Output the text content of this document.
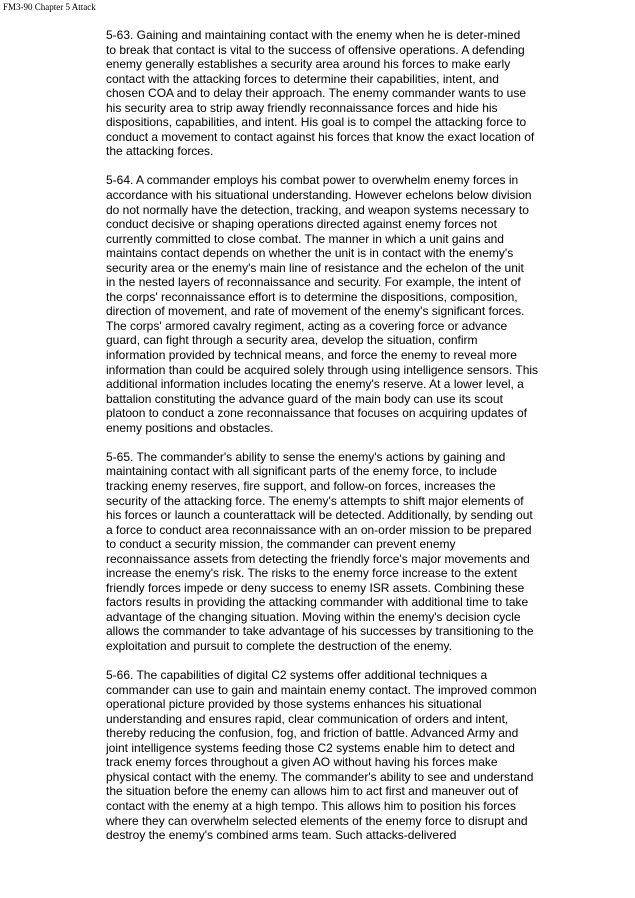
FM3-90 Chapter 5 Attack

5-63. Gaining and maintaining contact with the enemy when he is deter-mined
to break that contact is vital to the success of offensive operations. A defending
enemy generally establishes a security area around his forces to make early
contact with the attacking forces to determine their capabilities, intent, and
chosen COA and to delay their approach. The enemy commander wants to use
his security area to strip away friendly reconnaissance forces and hide his
dispositions, capabilities, and intent. His goal is to compel the attacking force to
conduct a movement to contact against his forces that know the exact location of
the attacking forces.

5-64. A commander employs his combat power to overwhelm enemy forces in
accordance with his situational understanding. However echelons below division
do not normally have the detection, tracking, and weapon systems necessary to
conduct decisive or shaping operations directed against enemy forces not
currently committed to close combat. The manner in which a unit gains and
maintains contact depends on whether the unit is in contact with the enemy's
security area or the enemy's main line of resistance and the echelon of the unit
in the nested layers of reconnaissance and security. For example, the intent of
the corps' reconnaissance effort is to determine the dispositions, composition,
direction of movement, and rate of movement of the enemy's significant forces.
The corps' armored cavalry regiment, acting as a covering force or advance
guard, can fight through a security area, develop the situation, confirm
information provided by technical means, and force the enemy to reveal more
information than could be acquired solely through using intelligence sensors. This
additional information includes locating the enemy's reserve. At a lower level, a
battalion constituting the advance guard of the main body can use its scout
platoon to conduct a zone reconnaissance that focuses on acquiring updates of
enemy positions and obstacles.

5-65. The commander's ability to sense the enemy's actions by gaining and
maintaining contact with all significant parts of the enemy force, to include
tracking enemy reserves, fire support, and follow-on forces, increases the
security of the attacking force. The enemy's attempts to shift major elements of
his forces or launch a counterattack will be detected. Additionally, by sending out
a force to conduct area reconnaissance with an on-order mission to be prepared
to conduct a security mission, the commander can prevent enemy
reconnaissance assets from detecting the friendly force's major movements and
increase the enemy's risk. The risks to the enemy force increase to the extent
friendly forces impede or deny success to enemy ISR assets. Combining these
factors results in providing the attacking commander with additional time to take
advantage of the changing situation. Moving within the enemy's decision cycle
allows the commander to take advantage of his successes by transitioning to the
exploitation and pursuit to complete the destruction of the enemy.

5-66. The capabilities of digital C2 systems offer additional techniques a
commander can use to gain and maintain enemy contact. The improved common
operational picture provided by those systems enhances his situational
understanding and ensures rapid, clear communication of orders and intent,
thereby reducing the confusion, fog, and friction of battle. Advanced Army and
joint intelligence systems feeding those C2 systems enable him to detect and
track enemy forces throughout a given AO without having his forces make
physical contact with the enemy. The commander's ability to see and understand
the situation before the enemy can allows him to act first and maneuver out of
contact with the enemy at a high tempo. This allows him to position his forces
where they can overwhelm selected elements of the enemy force to disrupt and
destroy the enemy's combined arms team. Such attacks-delivered
